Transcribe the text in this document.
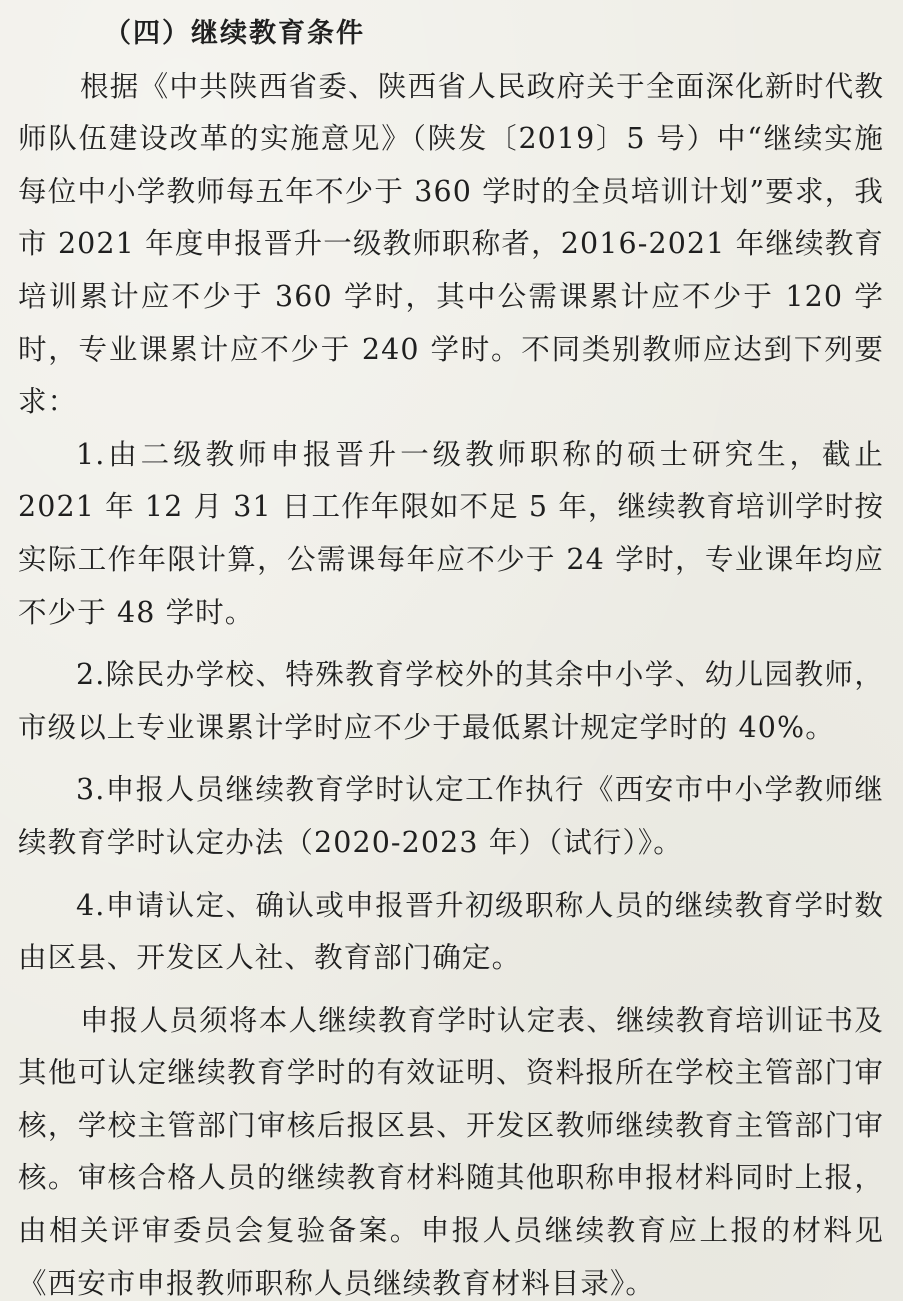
（四）继续教育条件

根据《中共陕西省委、陕西省人民政府关于全面深化新时代教师队伍建设改革的实施意见》（陕发〔2019〕5 号）中“继续实施每位中小学教师每五年不少于 360 学时的全员培训计划”要求，我市 2021 年度申报晋升一级教师职称者，2016-2021 年继续教育培训累计应不少于 360 学时，其中公需课累计应不少于 120 学时，专业课累计应不少于 240 学时。不同类别教师应达到下列要求：

1.由二级教师申报晋升一级教师职称的硕士研究生，截止 2021 年 12 月 31 日工作年限如不足 5 年，继续教育培训学时按实际工作年限计算，公需课每年应不少于 24 学时，专业课年均应不少于 48 学时。

2.除民办学校、特殊教育学校外的其余中小学、幼儿园教师，市级以上专业课累计学时应不少于最低累计规定学时的 40%。

3.申报人员继续教育学时认定工作执行《西安市中小学教师继续教育学时认定办法（2020-2023 年）（试行）》。

4.申请认定、确认或申报晋升初级职称人员的继续教育学时数由区县、开发区人社、教育部门确定。

申报人员须将本人继续教育学时认定表、继续教育培训证书及其他可认定继续教育学时的有效证明、资料报所在学校主管部门审核，学校主管部门审核后报区县、开发区教师继续教育主管部门审核。审核合格人员的继续教育材料随其他职称申报材料同时上报，由相关评审委员会复验备案。申报人员继续教育应上报的材料见《西安市申报教师职称人员继续教育材料目录》。
